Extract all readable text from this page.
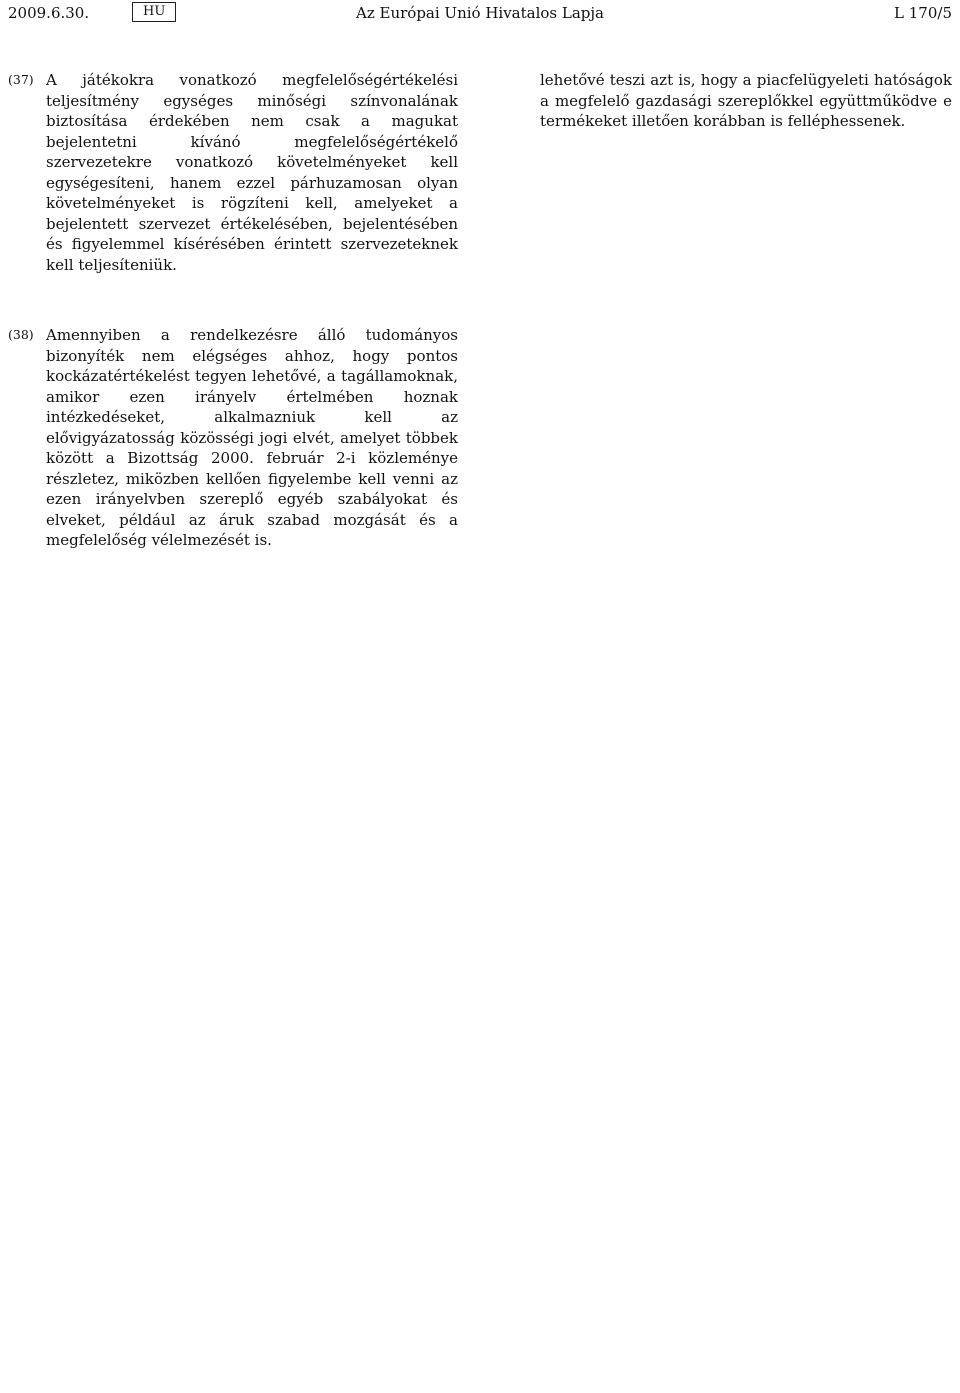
2009.6.30.	HU	Az Európai Unió Hivatalos Lapja	L 170/5
(37) A játékokra vonatkozó megfelelőségértékelési teljesítmény egységes minőségi színvonalának biztosítása érdekében nem csak a magukat bejelentetni kívánó megfelelőségértékelő szervezetekre vonatkozó követelményeket kell egységesíteni, hanem ezzel párhuzamosan olyan követelményeket is rögzíteni kell, amelyeket a bejelentett szervezet értékelésében, bejelentésében és figyelemmel kísérésében érintett szervezeteknek kell teljesíteniük.
(38) Amennyiben a rendelkezésre álló tudományos bizonyíték nem elégséges ahhoz, hogy pontos kockázatértékelést tegyen lehetővé, a tagállamoknak, amikor ezen irányelv értelmében hoznak intézkedéseket, alkalmazniuk kell az elővigyázatosság közösségi jogi elvét, amelyet többek között a Bizottság 2000. február 2-i közleménye részletez, miközben kellően figyelembe kell venni az ezen irányelvben szereplő egyéb szabályokat és elveket, például az áruk szabad mozgását és a megfelelőség vélelmezését is.
lehetővé teszi azt is, hogy a piacfelügyeleti hatóságok a megfelelő gazdasági szereplőkkel együttműködve e termékeket illetően korábban is felléphessenek.
